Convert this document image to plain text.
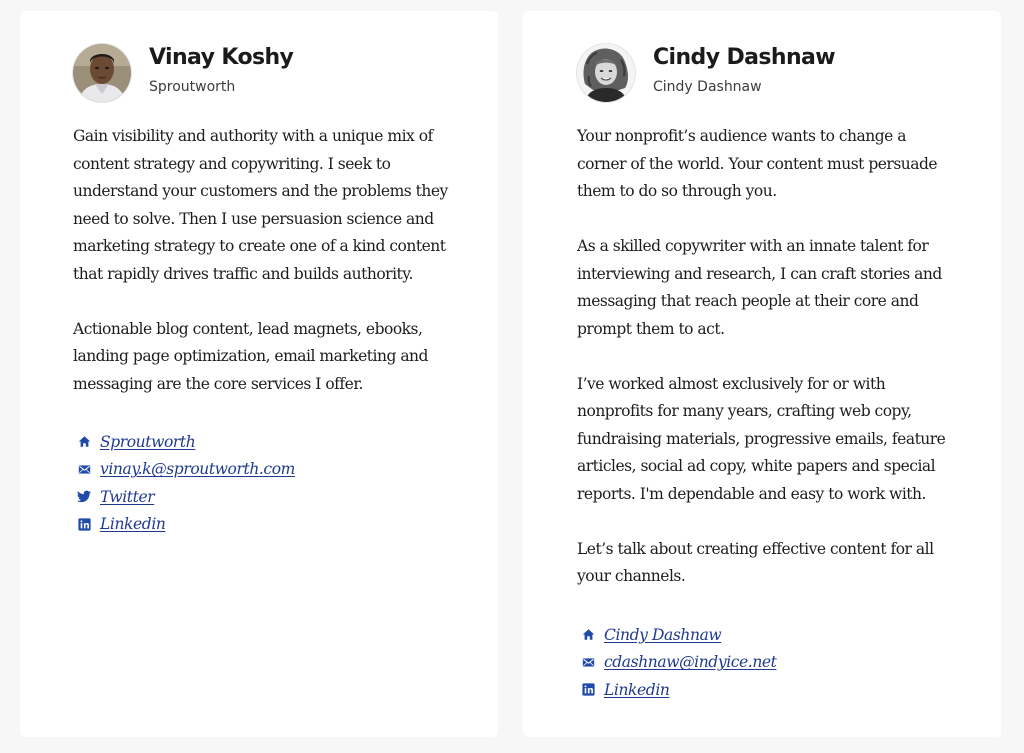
Vinay Koshy
Sproutworth

Gain visibility and authority with a unique mix of content strategy and copywriting. I seek to understand your customers and the problems they need to solve. Then I use persuasion science and marketing strategy to create one of a kind content that rapidly drives traffic and builds authority.

Actionable blog content, lead magnets, ebooks, landing page optimization, email marketing and messaging are the core services I offer.

Sproutworth
vinay.k@sproutworth.com
Twitter
Linkedin
Cindy Dashnaw
Cindy Dashnaw

Your nonprofit’s audience wants to change a corner of the world. Your content must persuade them to do so through you.

As a skilled copywriter with an innate talent for interviewing and research, I can craft stories and messaging that reach people at their core and prompt them to act.

I’ve worked almost exclusively for or with nonprofits for many years, crafting web copy, fundraising materials, progressive emails, feature articles, social ad copy, white papers and special reports. I'm dependable and easy to work with.

Let’s talk about creating effective content for all your channels.

Cindy Dashnaw
cdashnaw@indyice.net
Linkedin
